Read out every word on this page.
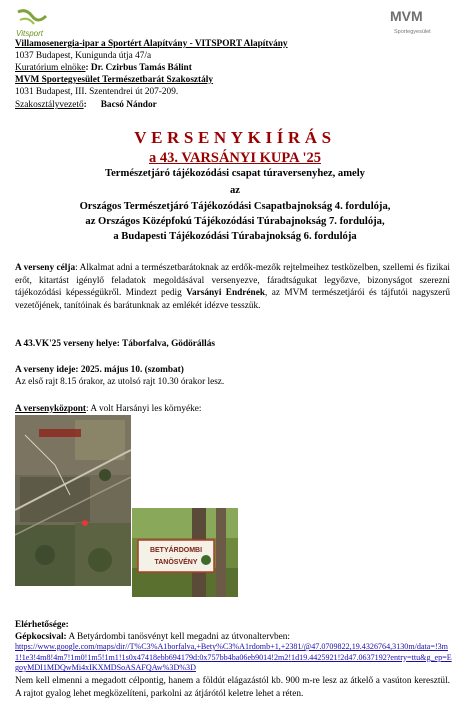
Vitsport
MVM
Sportegyesület
Villamosenergia-ipar a Sportért Alapítvány - VITSPORT Alapítvány
1037 Budapest, Kunigunda útja 47/a
Kuratórium elnöke: Dr. Czirbus Tamás Bálint
MVM Sportegyesület Természetbarát Szakosztály
1031 Budapest, III. Szentendrei út 207-209.
Szakosztályvezető:      Bacsó Nándor
VERSENYKIÍRÁS
a 43. VARSÁNYI KUPA '25
Természetjáró tájékozódási csapat túraversenyhez, amely
az
Országos Természetjáró Tájékozódási Csapatbajnokság 4. fordulója,
az Országos Középfokú Tájékozódási Túrabajnokság 7. fordulója,
a Budapesti Tájékozódási Túrabajnokság 6. fordulója
A verseny célja: Alkalmat adni a természetbarátoknak az erdők-mezők rejtelmeihez testközelben, szellemi és fizikai erőt, kitartást igénylő feladatok megoldásával versenyezve, fáradtságukat legyőzve, bizonyságot szerezni tájékozódási képességükről. Mindezt pedig Varsányi Endrének, az MVM természetjárói és tájfutói nagyszerű vezetőjének, tanítóinak és barátunknak az emlékét idézve tesszük.
A 43.VK'25 verseny helye: Táborfalva, Gödörállás
A verseny ideje: 2025. május 10. (szombat)
Az első rajt 8.15 órakor, az utolsó rajt 10.30 órakor lesz.
A versenyközpont: A volt Harsányi les környéke:
BETYÁRDOMBI
TANÖSVÉNY
Elérhetősége:
Gépkocsival: A Betyárdombi tanösvényt kell megadni az útvonaltervben:
https://www.google.com/maps/dir//T%C3%A1borfalva,+Bety%C3%A1rdomb+1,+2381/@47.0709822,19.4326764,3130m/data=!3m1!1e3!4m8!4m7!1m0!1m5!1m1!1s0x47418ebb694179d:0x757bb4ba06eb9014!2m2!1d19.4425921!2d47.0637192?entry=ttu&g_ep=EgoyMDI1MDQwMi4xIKXMDSoASAFQAw%3D%3D
Nem kell elmenni a megadott célpontig, hanem a földút elágazástól kb. 900 m-re lesz az átkelő a vasúton keresztül. A rajtot gyalog lehet megközelíteni, parkolni az átjárótól keletre lehet a réten.
